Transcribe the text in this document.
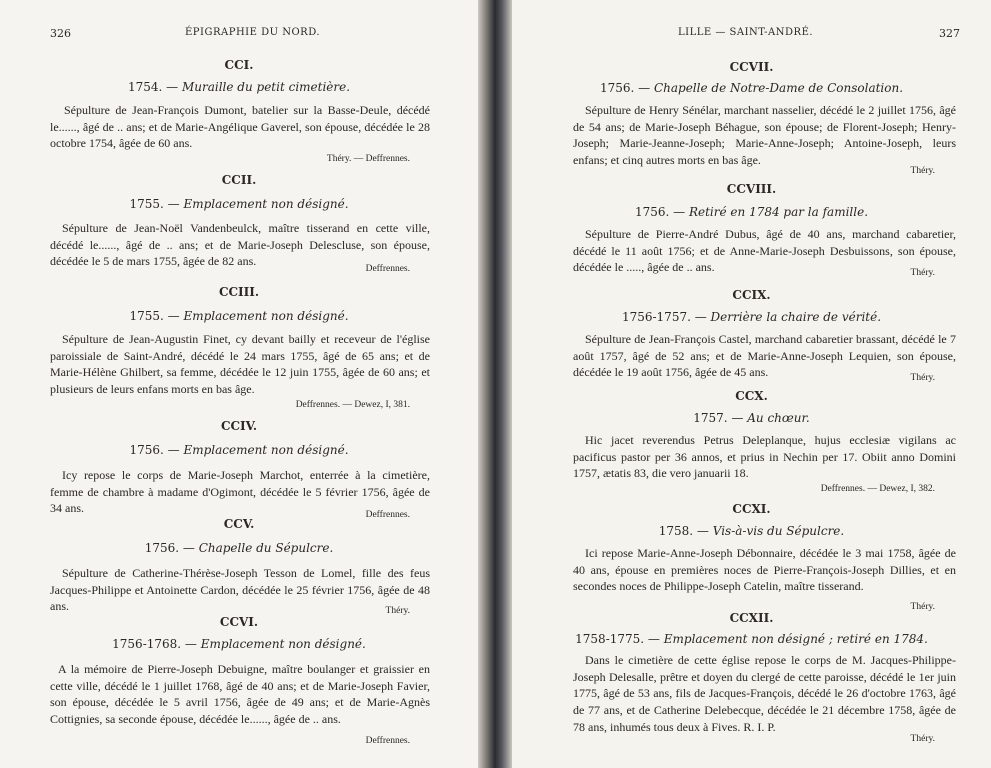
326	ÉPIGRAPHIE DU NORD.
CCI.
1754. — Muraille du petit cimetière.
Sépulture de Jean-François Dumont, batelier sur la Basse-Deule, décédé le......, âgé de .. ans; et de Marie-Angélique Gaverel, son épouse, décédée le 28 octobre 1754, âgée de 60 ans.
Théry. — Deffrennes.
CCII.
1755. — Emplacement non désigné.
Sépulture de Jean-Noël Vandenbeulck, maître tisserand en cette ville, décédé le......, âgé de .. ans; et de Marie-Joseph Delescluse, son épouse, décédée le 5 de mars 1755, âgée de 82 ans.
Deffrennes.
CCIII.
1755. — Emplacement non désigné.
Sépulture de Jean-Augustin Finet, cy devant bailly et receveur de l'église paroissiale de Saint-André, décédé le 24 mars 1755, âgé de 65 ans; et de Marie-Hélène Ghilbert, sa femme, décédée le 12 juin 1755, âgée de 60 ans; et plusieurs de leurs enfans morts en bas âge.
Deffrennes. — Dewez, I, 381.
CCIV.
1756. — Emplacement non désigné.
Icy repose le corps de Marie-Joseph Marchot, enterrée à la cimetière, femme de chambre à madame d'Ogimont, décédée le 5 février 1756, âgée de 34 ans.	Deffrennes.
CCV.
1756. — Chapelle du Sépulcre.
Sépulture de Catherine-Thérèse-Joseph Tesson de Lomel, fille des feus Jacques-Philippe et Antoinette Cardon, décédée le 25 février 1756, âgée de 48 ans.	Théry.
CCVI.
1756-1768. — Emplacement non désigné.
A la mémoire de Pierre-Joseph Debuigne, maître boulanger et graissier en cette ville, décédé le 1 juillet 1768, âgé de 40 ans; et de Marie-Joseph Favier, son épouse, décédée le 5 avril 1756, âgée de 49 ans; et de Marie-Agnès Cottignies, sa seconde épouse, décédée le......, âgée de .. ans.
Deffrennes.
LILLE — SAINT-ANDRÉ.	327
CCVII.
1756. — Chapelle de Notre-Dame de Consolation.
Sépulture de Henry Sénélar, marchant nasselier, décédé le 2 juillet 1756, âgé de 54 ans; de Marie-Joseph Béhague, son épouse; de Florent-Joseph; Henry-Joseph; Marie-Jeanne-Joseph; Marie-Anne-Joseph; Antoine-Joseph, leurs enfans; et cinq autres morts en bas âge.
Théry.
CCVIII.
1756. — Retiré en 1784 par la famille.
Sépulture de Pierre-André Dubus, âgé de 40 ans, marchand cabaretier, décédé le 11 août 1756; et de Anne-Marie-Joseph Desbuissons, son épouse, décédée le ....., âgée de .. ans.	Théry.
CCIX.
1756-1757. — Derrière la chaire de vérité.
Sépulture de Jean-François Castel, marchand cabaretier brassant, décédé le 7 août 1757, âgé de 52 ans; et de Marie-Anne-Joseph Lequien, son épouse, décédée le 19 août 1756, âgée de 45 ans.	Théry.
CCX.
1757. — Au chœur.
Hic jacet reverendus Petrus Deleplanque, hujus ecclesiæ vigilans ac pacificus pastor per 36 annos, et prius in Nechin per 17. Obiit anno Domini 1757, ætatis 83, die vero januarii 18.
Deffrennes. — Dewez, I, 382.
CCXI.
1758. — Vis-à-vis du Sépulcre.
Ici repose Marie-Anne-Joseph Débonnaire, décédée le 3 mai 1758, âgée de 40 ans, épouse en premières noces de Pierre-François-Joseph Dillies, et en secondes noces de Philippe-Joseph Catelin, maître tisserand.
Théry.
CCXII.
1758-1775. — Emplacement non désigné ; retiré en 1784.
Dans le cimetière de cette église repose le corps de M. Jacques-Philippe-Joseph Delesalle, prêtre et doyen du clergé de cette paroisse, décédé le 1er juin 1775, âgé de 53 ans, fils de Jacques-François, décédé le 26 d'octobre 1763, âgé de 77 ans, et de Catherine Delebecque, décédée le 21 décembre 1758, âgée de 78 ans, inhumés tous deux à Fives. R. I. P.
Théry.
